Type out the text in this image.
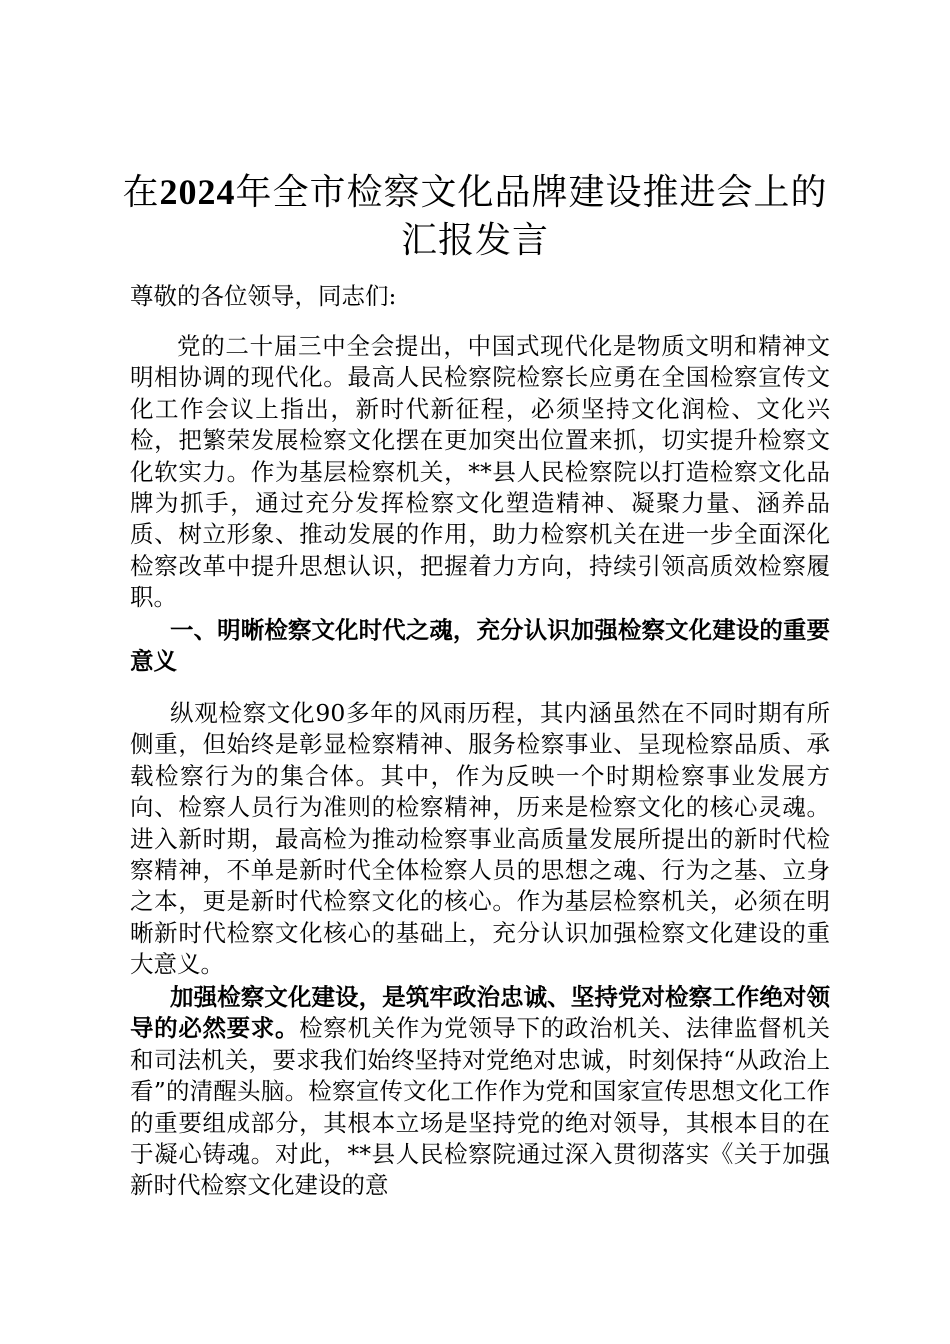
在2024年全市检察文化品牌建设推进会上的
汇报发言
尊敬的各位领导，同志们:
党的二十届三中全会提出，中国式现代化是物质文明和精神文明相协调的现代化。最高人民检察院检察长应勇在全国检察宣传文化工作会议上指出，新时代新征程，必须坚持文化润检、文化兴检，把繁荣发展检察文化摆在更加突出位置来抓，切实提升检察文化软实力。作为基层检察机关，**县人民检察院以打造检察文化品牌为抓手，通过充分发挥检察文化塑造精神、凝聚力量、涵养品质、树立形象、推动发展的作用，助力检察机关在进一步全面深化检察改革中提升思想认识，把握着力方向，持续引领高质效检察履职。
一、明晰检察文化时代之魂，充分认识加强检察文化建设的重要意义
纵观检察文化90多年的风雨历程，其内涵虽然在不同时期有所侧重，但始终是彰显检察精神、服务检察事业、呈现检察品质、承载检察行为的集合体。其中，作为反映一个时期检察事业发展方向、检察人员行为准则的检察精神，历来是检察文化的核心灵魂。进入新时期，最高检为推动检察事业高质量发展所提出的新时代检察精神，不单是新时代全体检察人员的思想之魂、行为之基、立身之本，更是新时代检察文化的核心。作为基层检察机关，必须在明晰新时代检察文化核心的基础上，充分认识加强检察文化建设的重大意义。
加强检察文化建设，是筑牢政治忠诚、坚持党对检察工作绝对领导的必然要求。检察机关作为党领导下的政治机关、法律监督机关和司法机关，要求我们始终坚持对党绝对忠诚，时刻保持“从政治上看”的清醒头脑。检察宣传文化工作作为党和国家宣传思想文化工作的重要组成部分，其根本立场是坚持党的绝对领导，其根本目的在于凝心铸魂。对此，**县人民检察院通过深入贯彻落实《关于加强新时代检察文化建设的意
